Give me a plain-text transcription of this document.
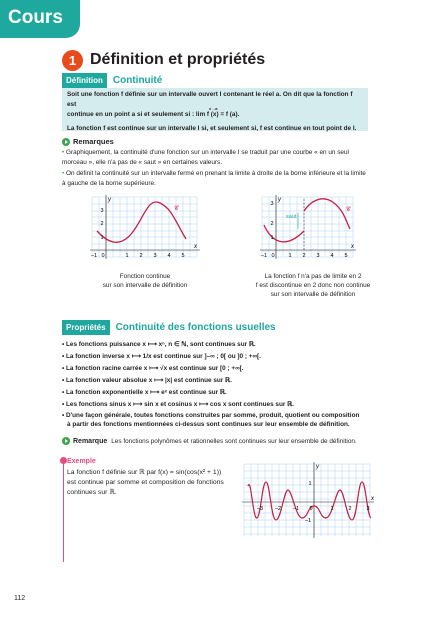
Cours
1 Définition et propriétés
Définition	Continuité

Soit une fonction f définie sur un intervalle ouvert I contenant le réel a. On dit que la fonction f est

continue en un point a si et seulement si : lim f (x) = f (a).

x→a

La fonction f est continue sur un intervalle I si, et seulement si, f est continue en tout point de I.

Remarques
• Graphiquement, la continuité d'une fonction sur un intervalle I se traduit par une courbe « en un seul
morceau », elle n'a pas de « saut » en certaines valeurs.
• On définit la continuité sur un intervalle fermé en prenant la limite à droite de la borne inférieure et la limite
à gauche de la borne supérieure.
y
x
𝒞
–1 0	1 2 3 4 5
1
2
3
Fonction continue
sur son intervalle de définition
y
x
𝒞
saut
–1 0	1 2 3 4 5
1
2
3
La fonction f n'a pas de limite en 2
f est discontinue en 2 donc non continue
sur son intervalle de définition
Propriétés	Continuité des fonctions usuelles
• Les fonctions puissance x ⟼ xⁿ, n ∈ ℕ, sont continues sur ℝ.
• La fonction inverse x ⟼ 1/x est continue sur ]–∞ ; 0[ ou ]0 ; +∞[.
• La fonction racine carrée x ⟼ √x est continue sur [0 ; +∞[.
• La fonction valeur absolue x ⟼ |x| est continue sur ℝ.
• La fonction exponentielle x ⟼ eˣ est continue sur ℝ.
• Les fonctions sinus x ⟼ sin x et cosinus x ⟼ cos x sont continues sur ℝ.
• D'une façon générale, toutes fonctions construites par somme, produit, quotient ou composition
à partir des fonctions mentionnées ci-dessus sont continues sur leur ensemble de définition.
Remarque Les fonctions polynômes et rationnelles sont continues sur leur ensemble de définition.
Exemple
La fonction f définie sur ℝ par f(x) = sin(cos(x² + 1))
est continue par somme et composition de fonctions
continues sur ℝ.
y
x
–3 –2 –1 0	1	2	3
1
–1
112
